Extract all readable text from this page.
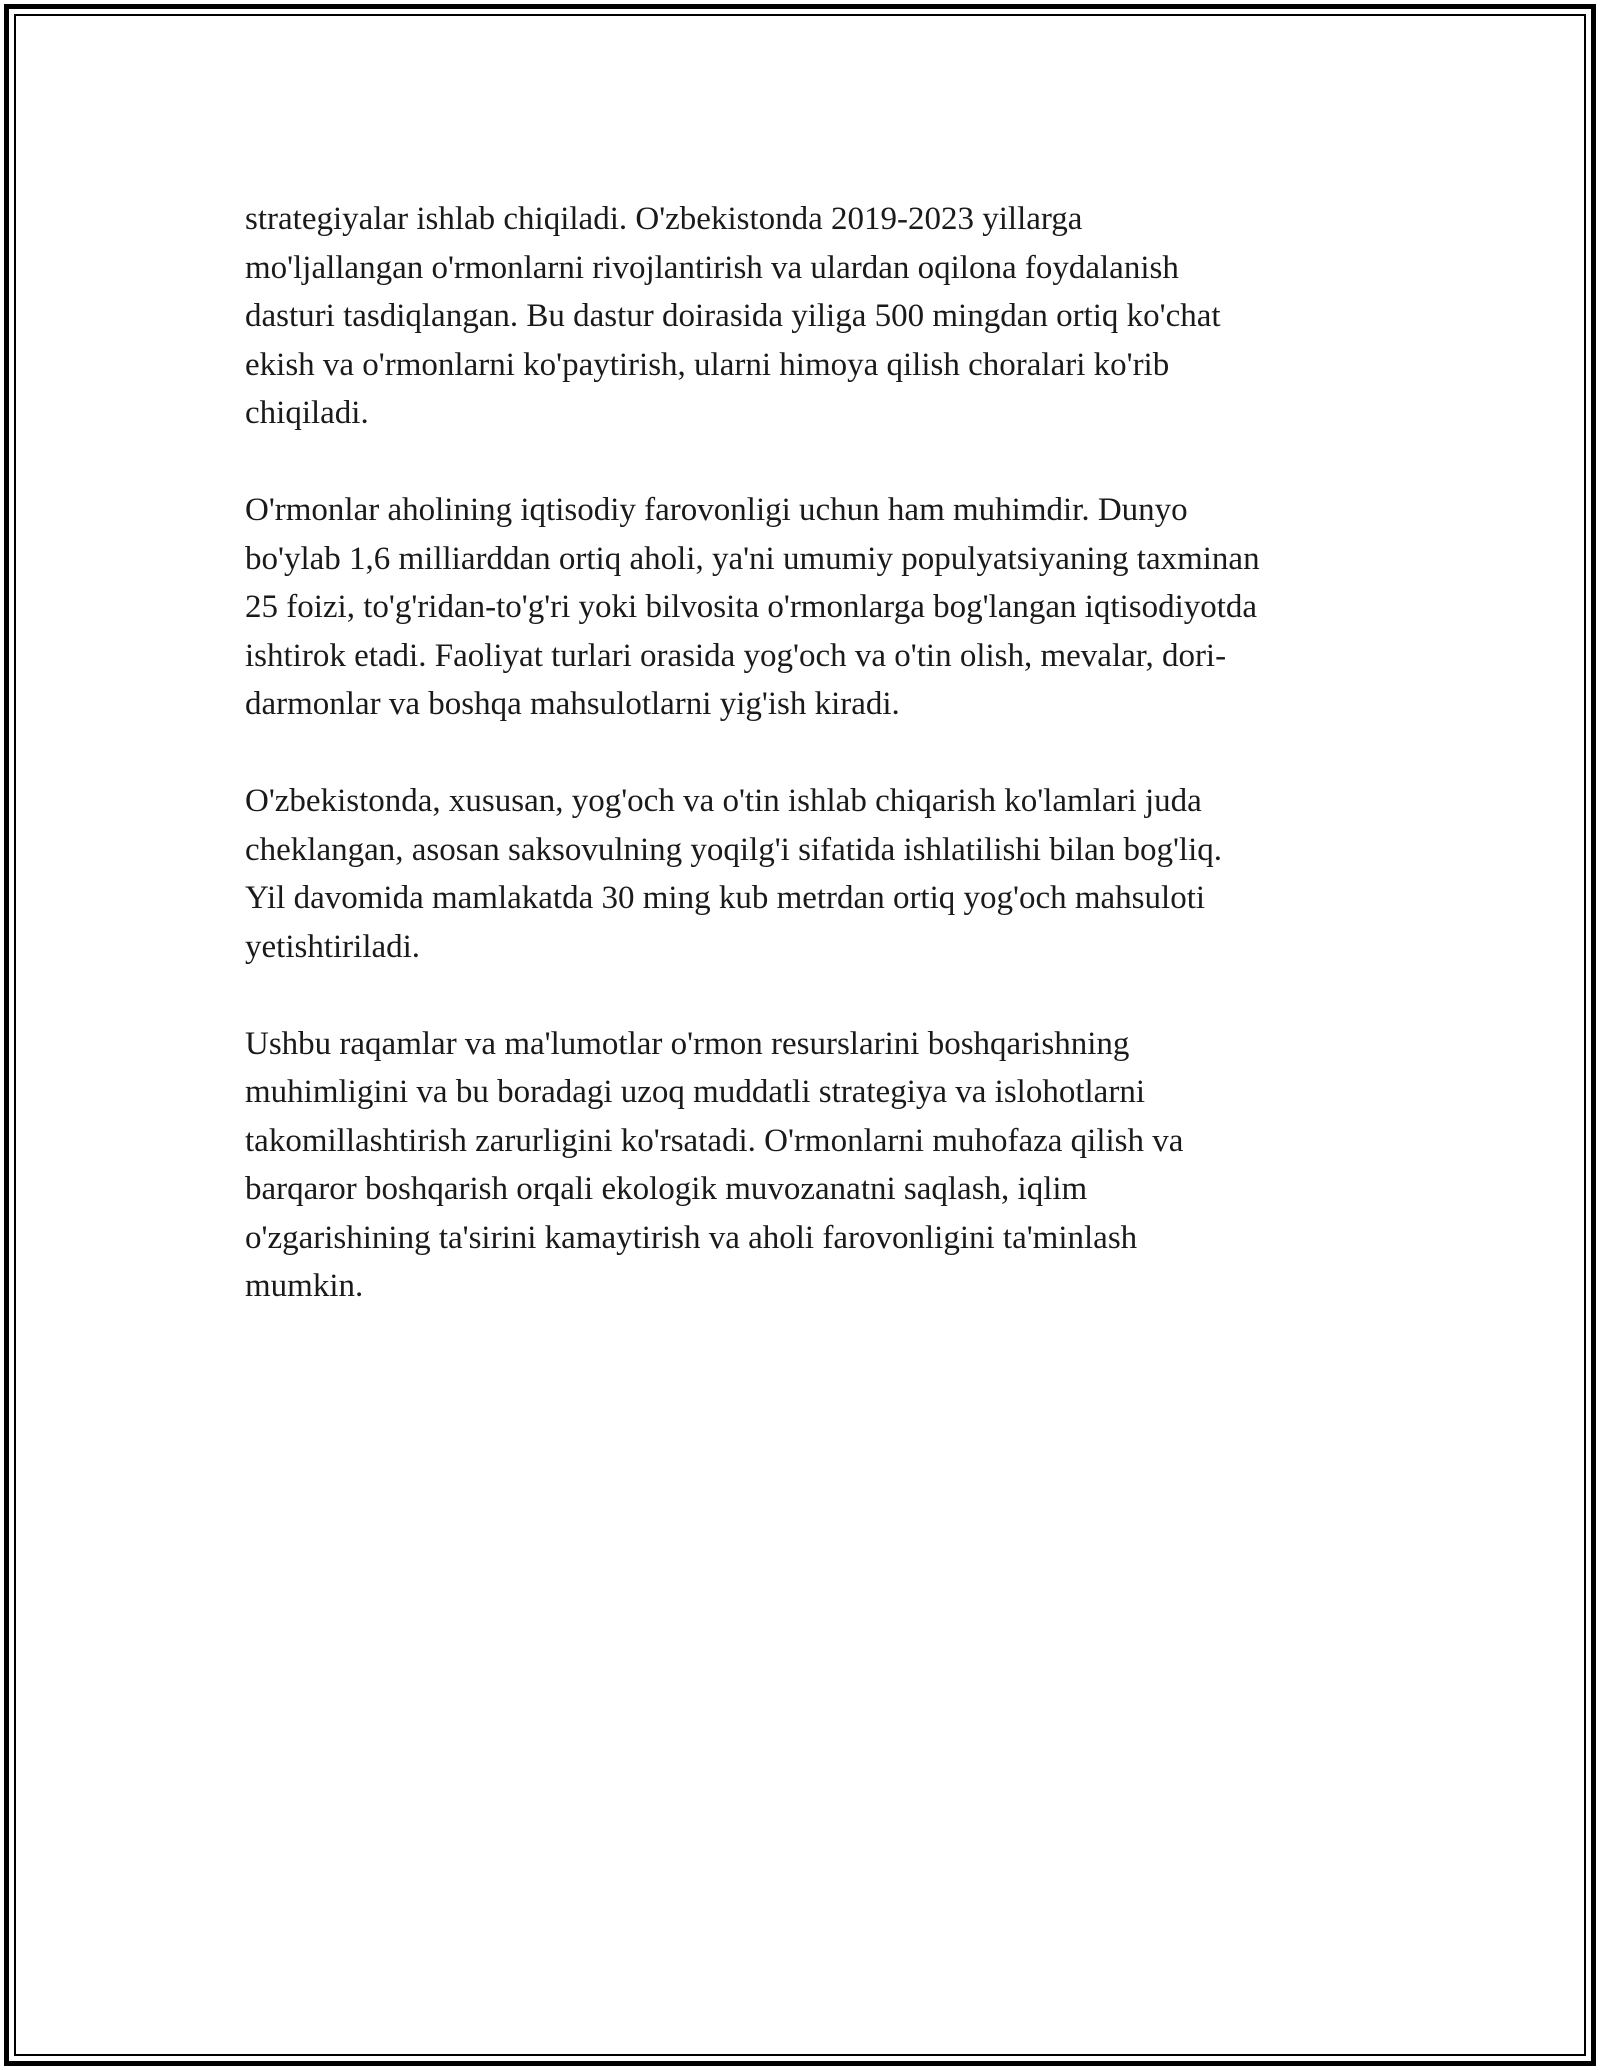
strategiyalar ishlab chiqiladi. O'zbekistonda 2019-2023 yillarga
mo'ljallangan o'rmonlarni rivojlantirish va ulardan oqilona foydalanish
dasturi tasdiqlangan. Bu dastur doirasida yiliga 500 mingdan ortiq ko'chat
ekish va o'rmonlarni ko'paytirish, ularni himoya qilish choralari ko'rib
chiqiladi.

O'rmonlar aholining iqtisodiy farovonligi uchun ham muhimdir. Dunyo
bo'ylab 1,6 milliarddan ortiq aholi, ya'ni umumiy populyatsiyaning taxminan
25 foizi, to'g'ridan-to'g'ri yoki bilvosita o'rmonlarga bog'langan iqtisodiyotda
ishtirok etadi. Faoliyat turlari orasida yog'och va o'tin olish, mevalar, dori-
darmonlar va boshqa mahsulotlarni yig'ish kiradi.

O'zbekistonda, xususan, yog'och va o'tin ishlab chiqarish ko'lamlari juda
cheklangan, asosan saksovulning yoqilg'i sifatida ishlatilishi bilan bog'liq.
Yil davomida mamlakatda 30 ming kub metrdan ortiq yog'och mahsuloti
yetishtiriladi.

Ushbu raqamlar va ma'lumotlar o'rmon resurslarini boshqarishning
muhimligini va bu boradagi uzoq muddatli strategiya va islohotlarni
takomillashtirish zarurligini ko'rsatadi. O'rmonlarni muhofaza qilish va
barqaror boshqarish orqali ekologik muvozanatni saqlash, iqlim
o'zgarishining ta'sirini kamaytirish va aholi farovonligini ta'minlash
mumkin.
